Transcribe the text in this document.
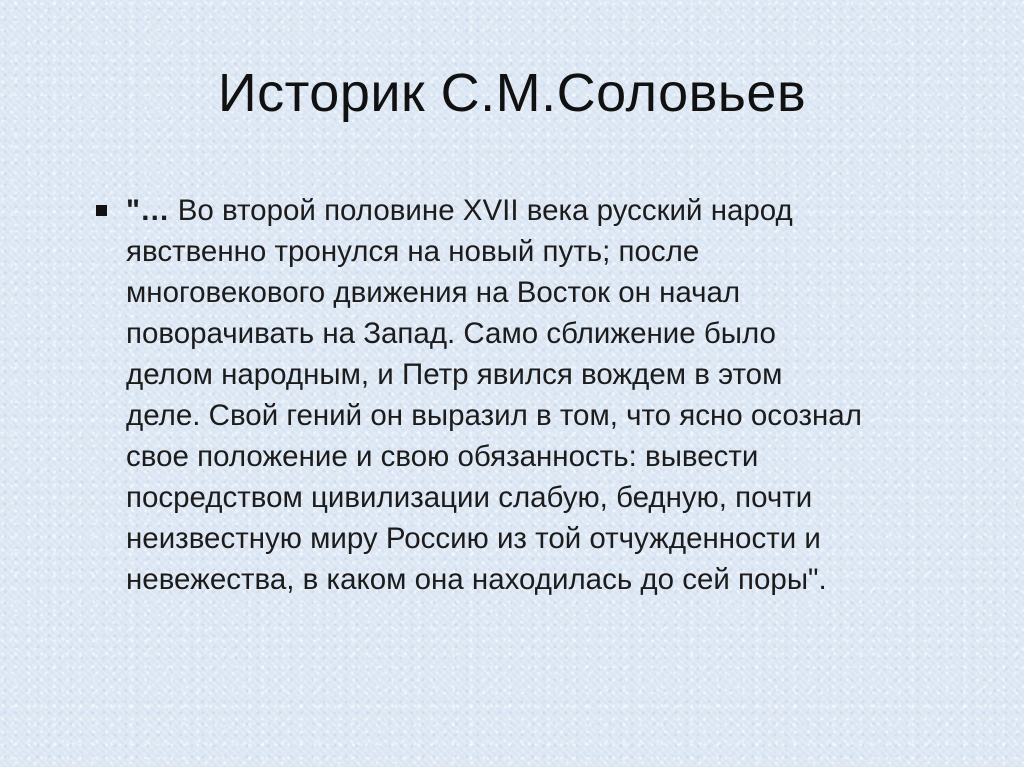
Историк С.М.Соловьев
"… Во второй половине XVII века русский народ
явственно тронулся на новый путь; после
многовекового движения на Восток он начал
поворачивать на Запад. Само сближение было
делом народным, и Петр явился вождем в этом
деле. Свой гений он выразил в том, что ясно осознал
свое положение и свою обязанность: вывести
посредством цивилизации слабую, бедную, почти
неизвестную миру Россию из той отчужденности и
невежества, в каком она находилась до сей поры".
